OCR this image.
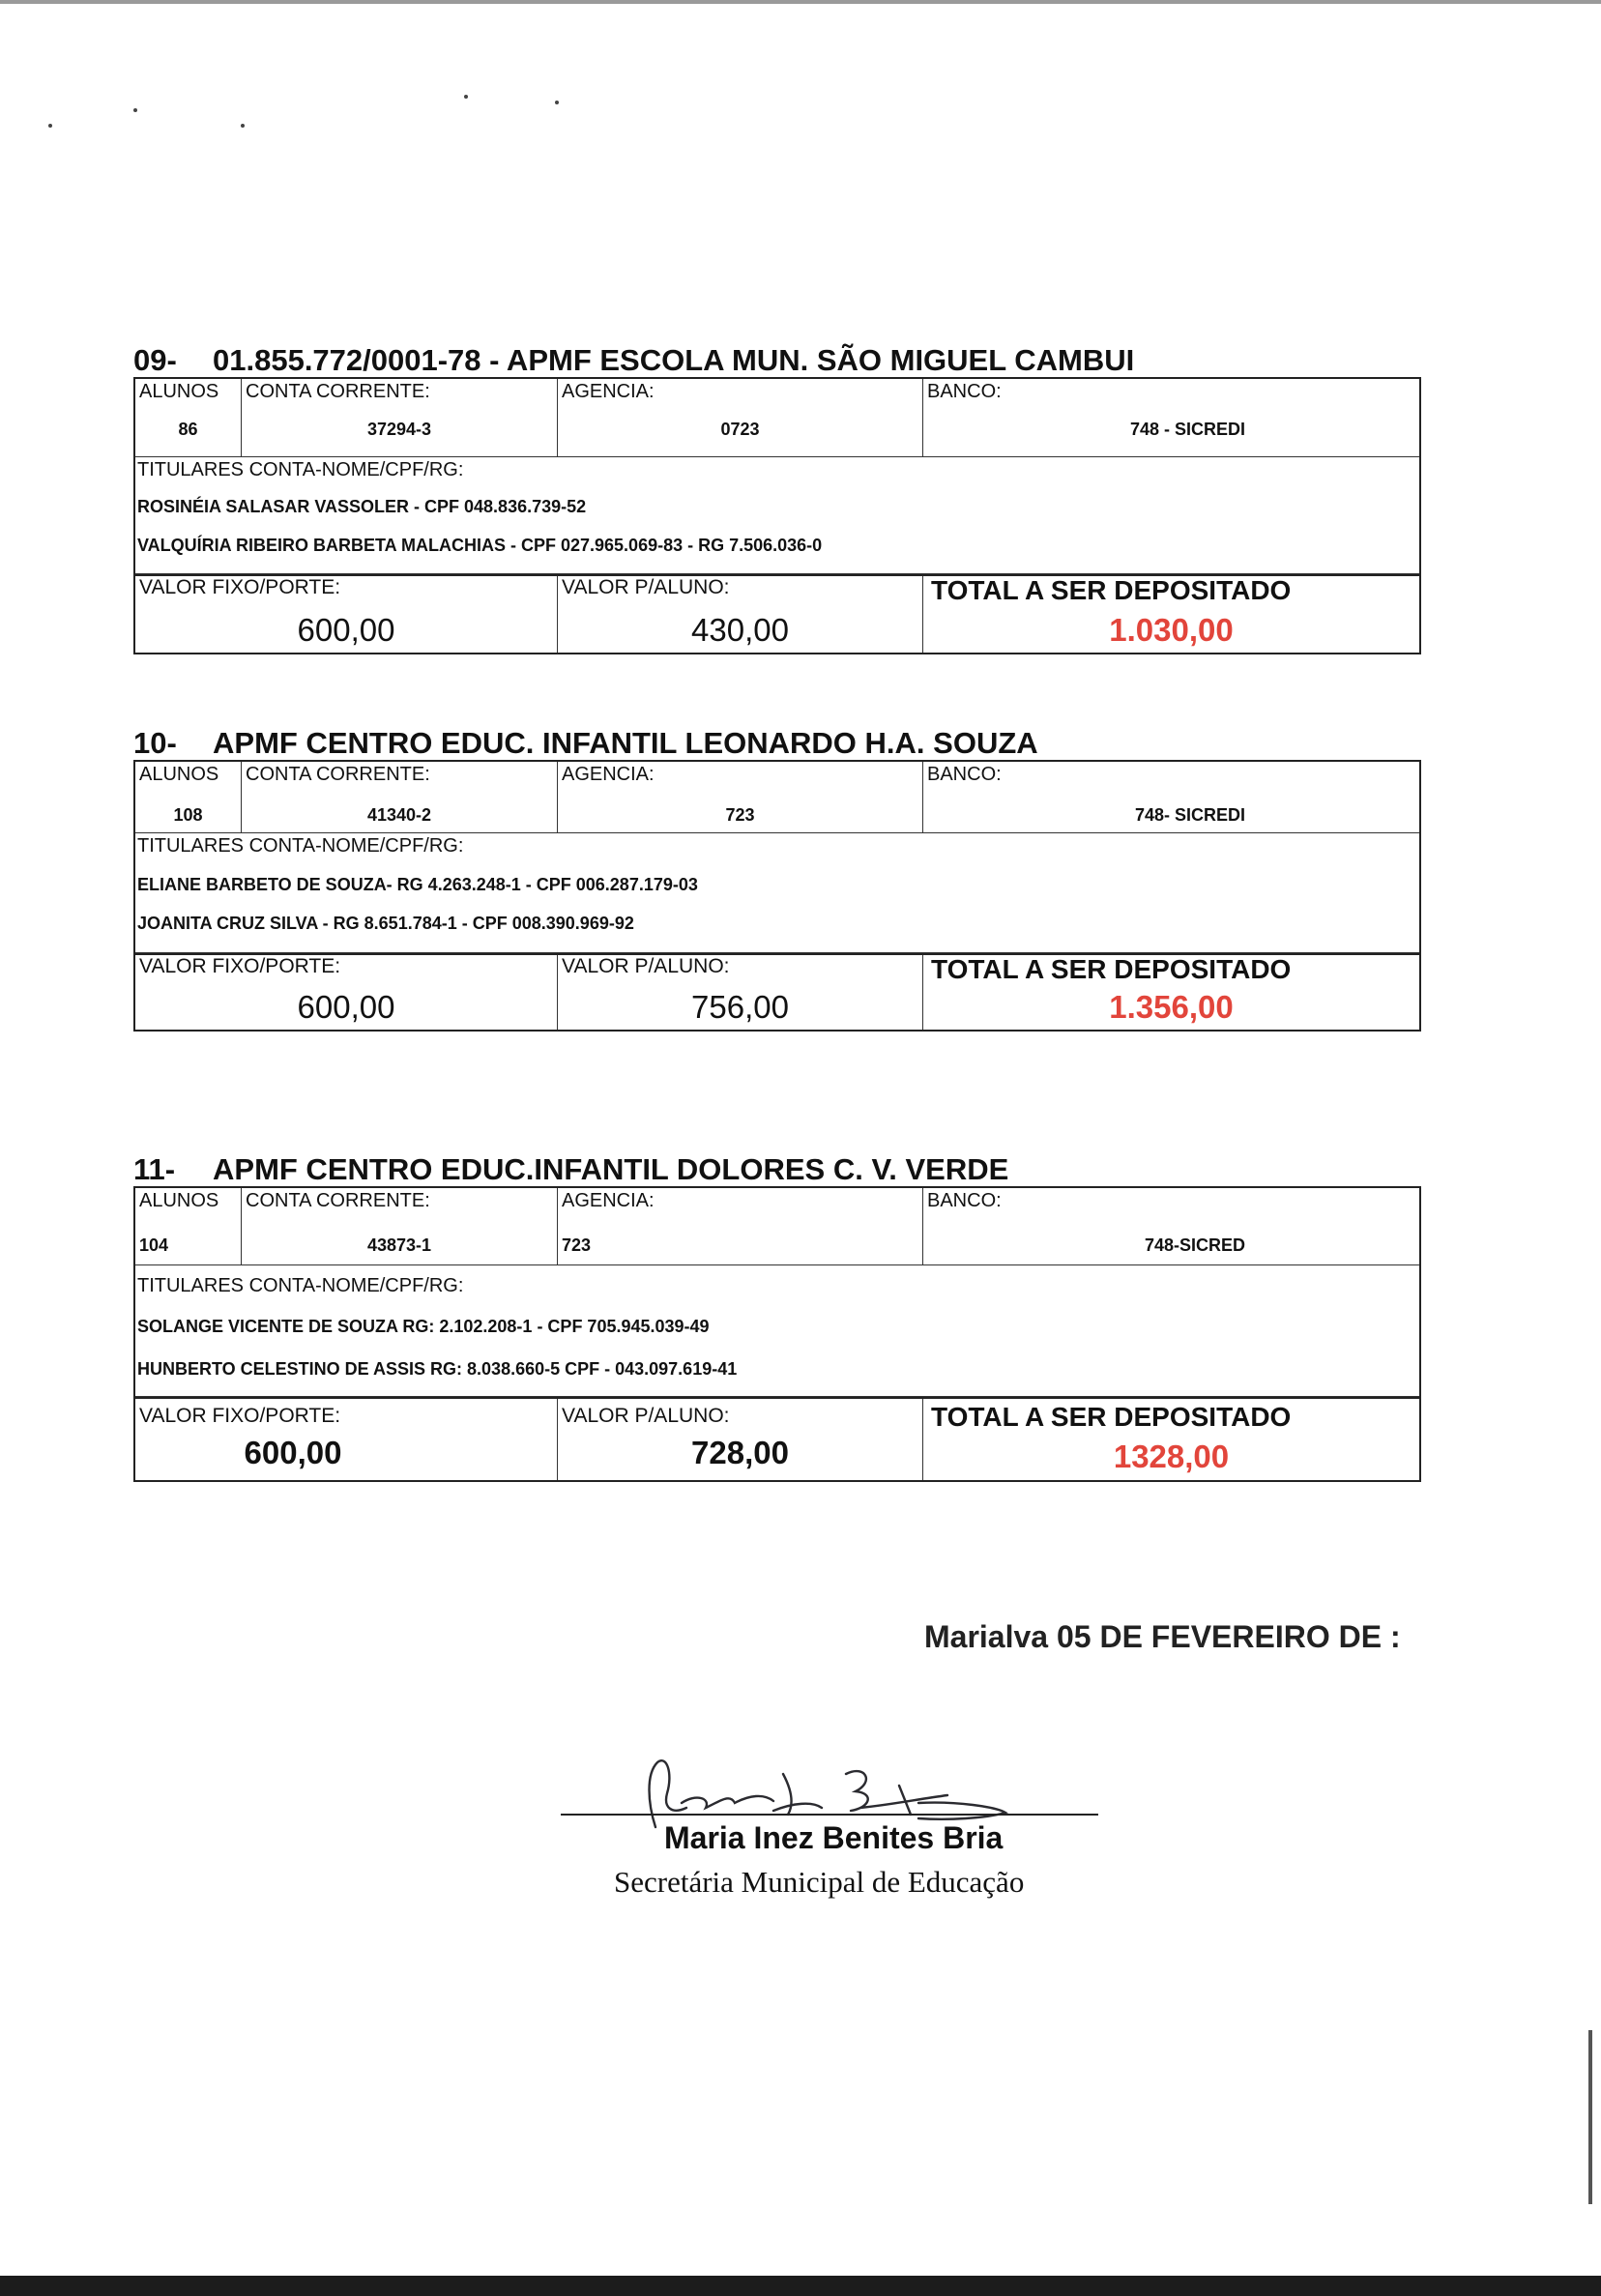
09-	01.855.772/0001-78 - APMF ESCOLA MUN. SÃO MIGUEL CAMBUI
ALUNOS
86
CONTA CORRENTE:
37294-3
AGENCIA:
0723
BANCO:
748 - SICREDI
TITULARES CONTA-NOME/CPF/RG:
ROSINÉIA SALASAR VASSOLER - CPF 048.836.739-52
VALQUÍRIA RIBEIRO BARBETA MALACHIAS - CPF 027.965.069-83 - RG 7.506.036-0
VALOR FIXO/PORTE:
600,00
VALOR P/ALUNO:
430,00
TOTAL A SER DEPOSITADO
1.030,00
10-	APMF CENTRO EDUC. INFANTIL LEONARDO H.A. SOUZA
ALUNOS
108
CONTA CORRENTE:
41340-2
AGENCIA:
723
BANCO:
748- SICREDI
TITULARES CONTA-NOME/CPF/RG:
ELIANE BARBETO DE SOUZA- RG 4.263.248-1 - CPF 006.287.179-03
JOANITA CRUZ SILVA - RG 8.651.784-1 - CPF 008.390.969-92
VALOR FIXO/PORTE:
600,00
VALOR P/ALUNO:
756,00
TOTAL A SER DEPOSITADO
1.356,00
11-	APMF CENTRO EDUC.INFANTIL DOLORES C. V. VERDE
ALUNOS
104
CONTA CORRENTE:
43873-1
AGENCIA:
723
BANCO:
748-SICRED
TITULARES CONTA-NOME/CPF/RG:
SOLANGE VICENTE DE SOUZA RG: 2.102.208-1 - CPF 705.945.039-49
HUNBERTO CELESTINO DE ASSIS RG: 8.038.660-5 CPF - 043.097.619-41
VALOR FIXO/PORTE:
600,00
VALOR P/ALUNO:
728,00
TOTAL A SER DEPOSITADO
1328,00
Marialva 05 DE FEVEREIRO DE :
Maria Inez Benites Bria
Secretária Municipal de Educação
